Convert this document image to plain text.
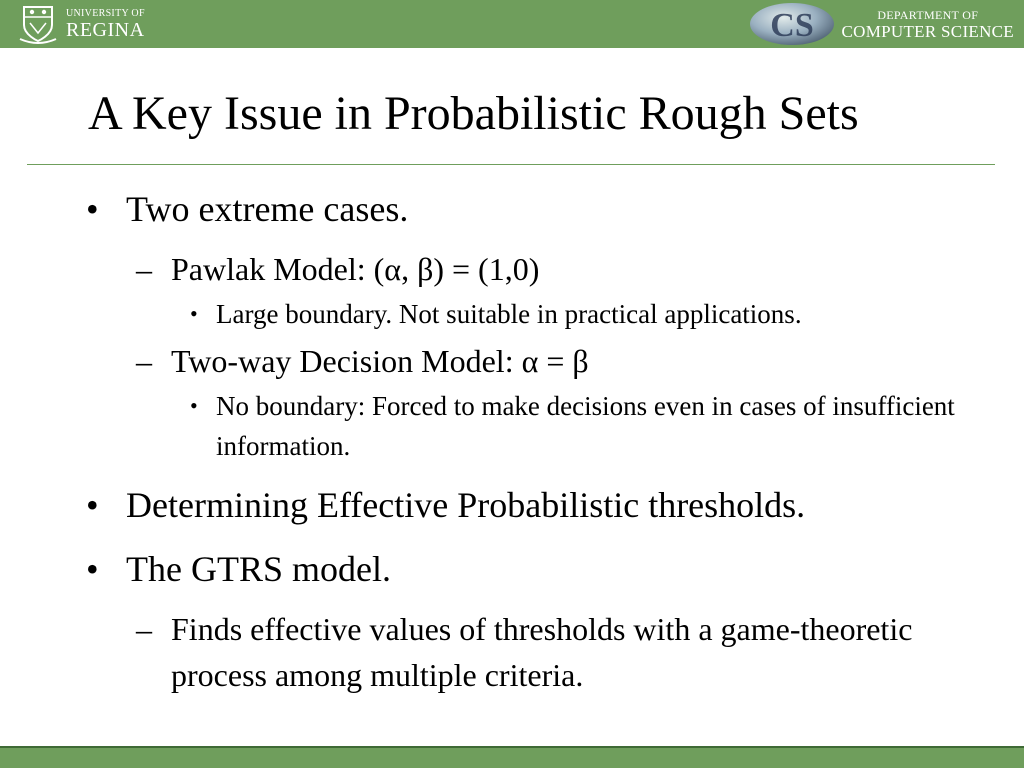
UNIVERSITY OF
REGINA	CS	DEPARTMENT OF
COMPUTER SCIENCE
A Key Issue in Probabilistic Rough Sets
• Two extreme cases.
– Pawlak Model: (α, β) = (1,0)
• Large boundary. Not suitable in practical applications.
– Two-way Decision Model: α = β
• No boundary: Forced to make decisions even in cases of insufficient information.
• Determining Effective Probabilistic thresholds.
• The GTRS model.
– Finds effective values of thresholds with a game-theoretic process among multiple criteria.
